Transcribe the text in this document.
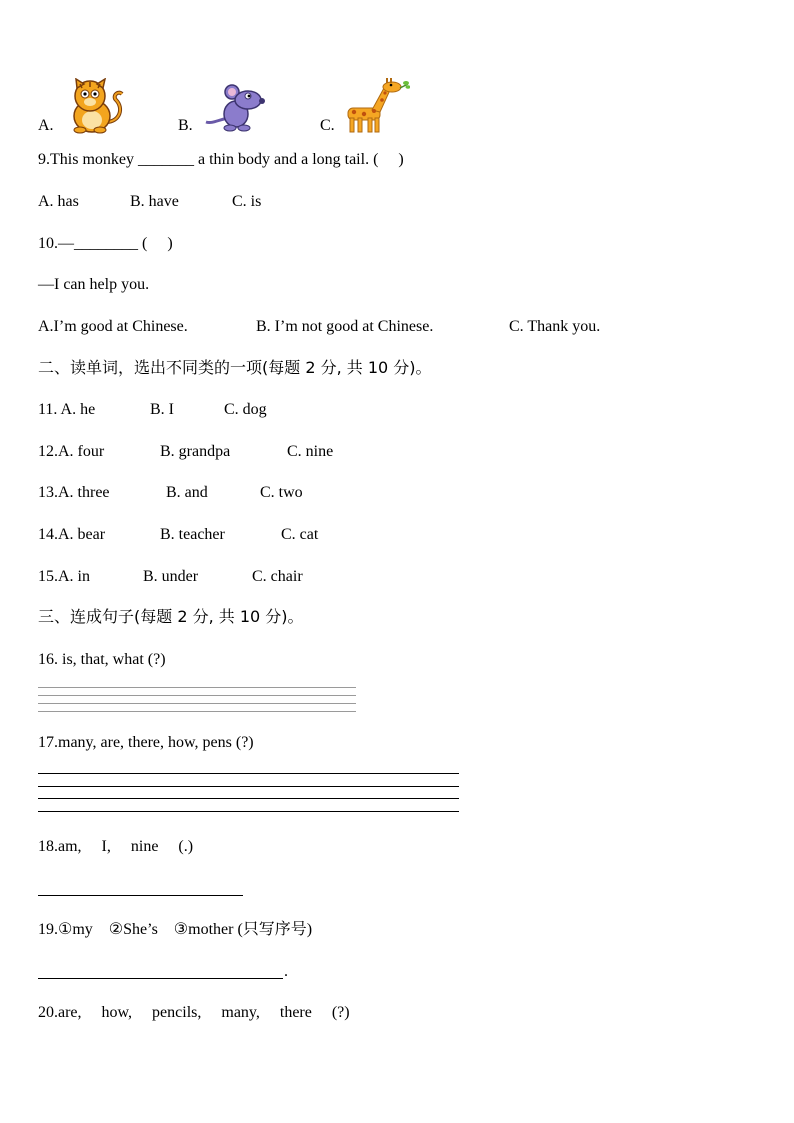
A.	B.	C.
9.This monkey _______ a thin body and a long tail. (  )
A. has	B. have	C. is
10.—________ (  )
—I can help you.
A.I’m good at Chinese.	B. I’m not good at Chinese.	C. Thank you.
二、读单词，选出不同类的一项(每题 2 分, 共 10 分)。
11. A. he	B. I	C. dog
12.A. four	B. grandpa	C. nine
13.A. three	B. and	C. two
14.A. bear	B. teacher	C. cat
15.A. in	B. under	C. chair
三、连成句子(每题 2 分, 共 10 分)。
16. is, that, what (?)
17.many, are, there, how, pens (?)
18.am,  I,  nine  (.)
19.①my ②She’s ③mother (只写序号)
.
20.are,  how,  pencils,  many,  there  (?)
